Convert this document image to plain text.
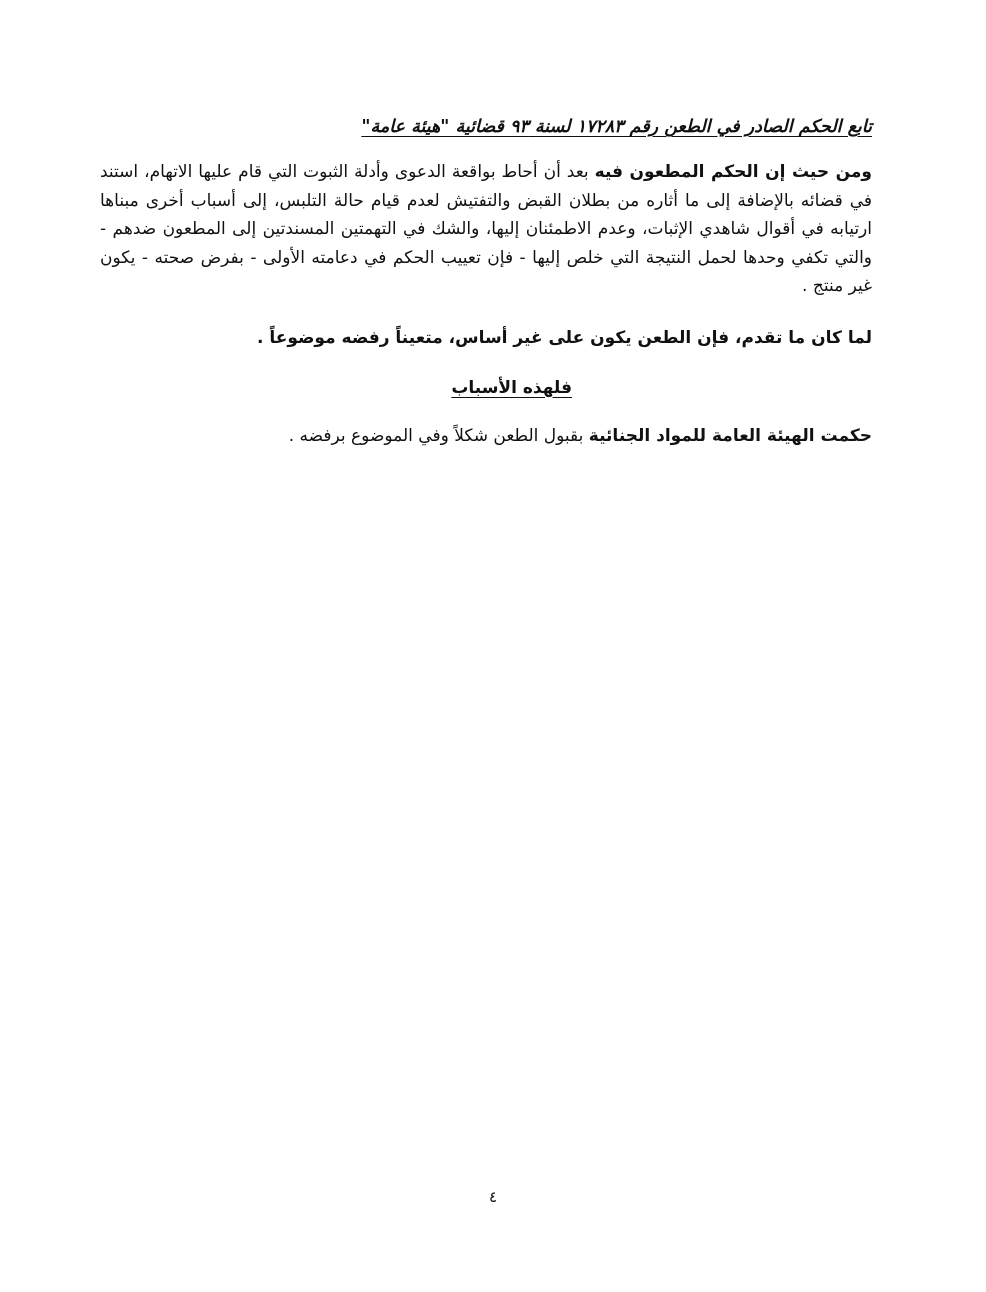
تابع الحكم الصادر في الطعن رقم ١٧٢٨٣ لسنة ٩٣ قضائية "هيئة عامة"

ومن حيث إن الحكم المطعون فيه بعد أن أحاط بواقعة الدعوى وأدلة الثبوت التي قام عليها الاتهام، استند في قضائه بالإضافة إلى ما أثاره من بطلان القبض والتفتيش لعدم قيام حالة التلبس، إلى أسباب أخرى مبناها ارتيابه في أقوال شاهدي الإثبات، وعدم الاطمئنان إليها، والشك في التهمتين المسندتين إلى المطعون ضدهم - والتي تكفي وحدها لحمل النتيجة التي خلص إليها - فإن تعييب الحكم في دعامته الأولى - بفرض صحته - يكون غير منتج .

لما كان ما تقدم، فإن الطعن يكون على غير أساس، متعيناً رفضه موضوعاً .

فلهذه الأسباب

حكمت الهيئة العامة للمواد الجنائية بقبول الطعن شكلاً وفي الموضوع برفضه .

٤
